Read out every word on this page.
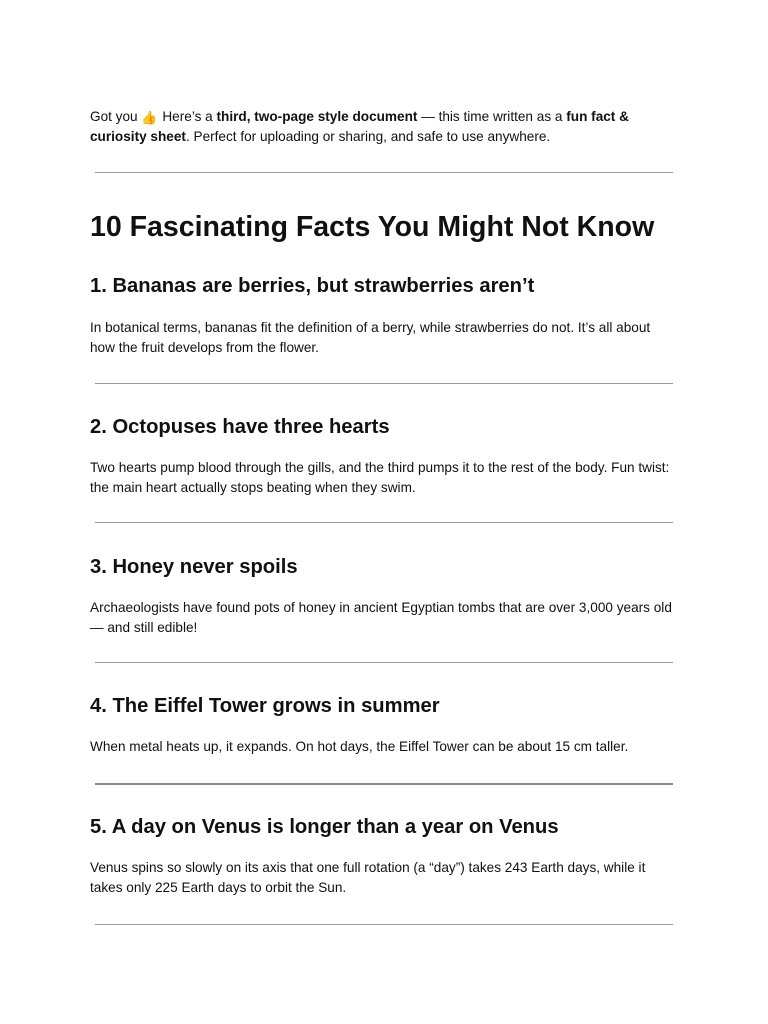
Got you 👍 Here’s a third, two-page style document — this time written as a fun fact & curiosity sheet. Perfect for uploading or sharing, and safe to use anywhere.

10 Fascinating Facts You Might Not Know
1. Bananas are berries, but strawberries aren’t

In botanical terms, bananas fit the definition of a berry, while strawberries do not. It’s all about how the fruit develops from the flower.

2. Octopuses have three hearts

Two hearts pump blood through the gills, and the third pumps it to the rest of the body. Fun twist: the main heart actually stops beating when they swim.

3. Honey never spoils

Archaeologists have found pots of honey in ancient Egyptian tombs that are over 3,000 years old — and still edible!

4. The Eiffel Tower grows in summer

When metal heats up, it expands. On hot days, the Eiffel Tower can be about 15 cm taller.

5. A day on Venus is longer than a year on Venus

Venus spins so slowly on its axis that one full rotation (a “day”) takes 243 Earth days, while it takes only 225 Earth days to orbit the Sun.
